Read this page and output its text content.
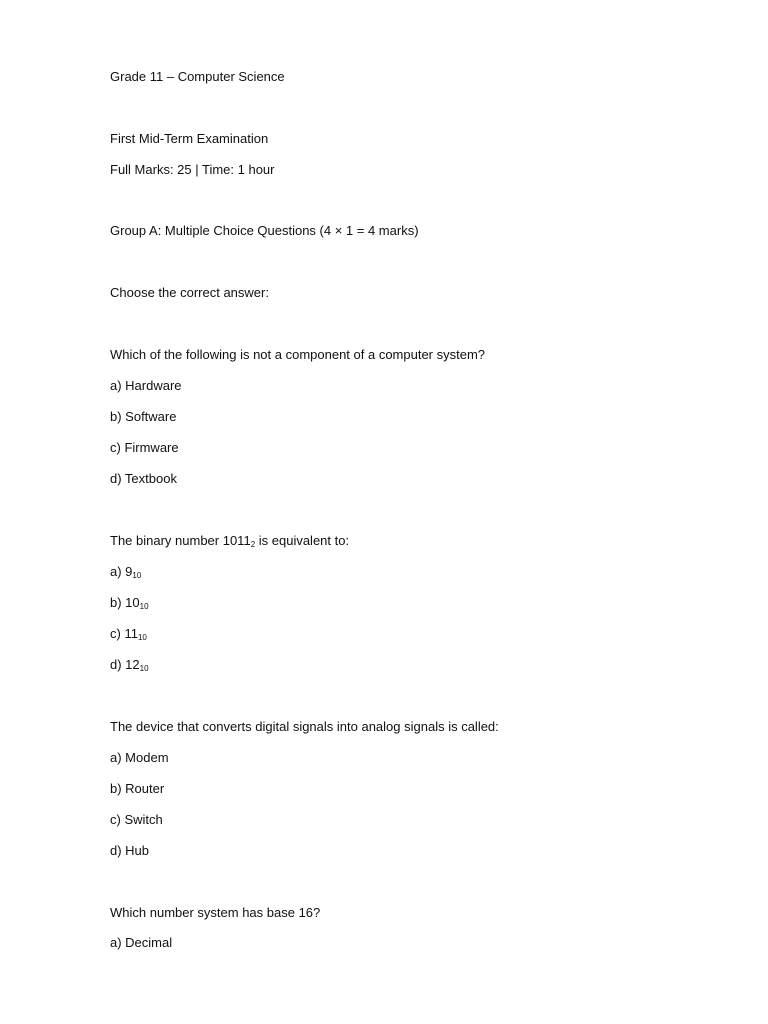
Grade 11 – Computer Science
First Mid-Term Examination
Full Marks: 25 | Time: 1 hour
Group A: Multiple Choice Questions (4 × 1 = 4 marks)
Choose the correct answer:
Which of the following is not a component of a computer system?
a) Hardware
b) Software
c) Firmware
d) Textbook
The binary number $1011_2$ is equivalent to:
a) $9_{10}$
b) $10_{10}$
c) $11_{10}$
d) $12_{10}$
The device that converts digital signals into analog signals is called:
a) Modem
b) Router
c) Switch
d) Hub
Which number system has base 16?
a) Decimal
